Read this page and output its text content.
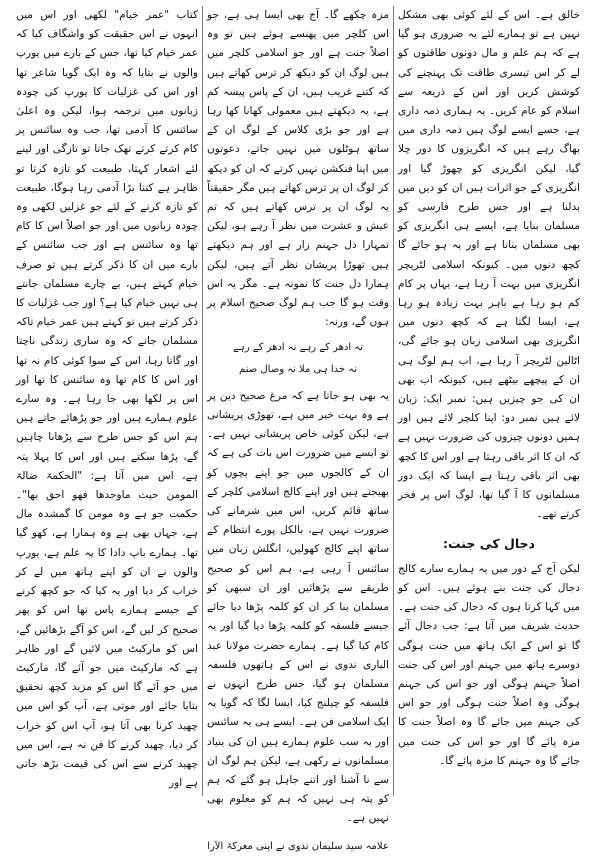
خالق ہے۔ اس کے لئے کوئی بھی مشکل نہیں ہے تو ہمارے لئے یہ ضروری ہو گیا ہے کہ ہم علم و مال دونوں طاقتوں کو لے کر اس تیسری طاقت تک پہنچنے کی کوشش کریں اور اس کے ذریعہ سے اسلام کو عام کریں۔ یہ ہماری ذمہ داری ہے، جسے ایسے لوگ ہیں ذمہ داری میں بھاگ رہے ہیں کہ انگریزوں کا دور چلا گیا، لیکن انگریزی کو چھوڑ گیا اور انگریزی کے جو اثرات ہیں ان کو دیں میں بدلنا ہے اور جس طرح فارسی کو مسلمان بنایا ہے، ایسے ہی انگریزی کو بھی مسلمان بنانا ہے اور یہ ہو جائے گا کچھ دنوں میں۔ کیونکہ اسلامی لٹریچر انگریزی میں بہت آ رہا ہے، یہاں پر کام کم ہو رہا ہے باہر بہت زیادہ ہو رہا ہے، ایسا لگتا ہے کہ کچھ دنوں میں انگریزی بھی اسلامی زبان ہو جائے گی، اٹالین لٹریچر آ رہا ہے، اب ہم لوگ ہی ان کے پیچھے بیٹھے ہیں، کیونکہ اب بھی ان کی جو چیزیں ہیں: نمبر ایک: زبان لائے ہیں نمبر دو: اپنا کلچر لائے ہیں اور ہمیں دونوں چیزوں کی ضرورت نہیں ہے کہ ان کا اثر باقی رہتا ہے اور اس کا کچھ بھی اثر باقی رہتا ہے ایسا کہ ایک دور مسلمانوں کا آ گیا تھا، لوگ اس پر فخر کرتے تھے۔

دجال کی جنت:

لیکن آج کے دور میں یہ ہمارے سارے کالج دجال کی جنت بنے ہوئے ہیں۔ اس کو میں کہا کرتا ہوں کہ دجال کی جنت ہے۔ حدیث شریف میں آتا ہے: جب دجال آئے گا تو اس کے ایک ہاتھ میں جنت ہوگی دوسرے ہاتھ میں جہنم اور اس کی جنت اصلاً جہنم ہوگی اور جو اس کی جہنم ہوگی وہ اصلاً جنت ہوگی اور جو اس کی جہنم میں جائے گا وہ اصلاً جنت کا مزہ پائے گا اور جو اس کی جنت میں جائے گا وہ جہنم کا مزہ پائے گا۔

مزہ چکھے گا۔ آج بھی ایسا ہی ہے، جو اس کلچر میں پھنسے ہوئے ہیں تو وہ اصلاً جنت ہے اور جو اسلامی کلچر میں ہیں لوگ ان کو دیکھ کر ترس کھاتے ہیں کہ کتنے غریب ہیں، ان کے پاس پیسہ کم ہے، یہ دیکھتے ہیں معمولی کھانا کھا رہا ہے اور جو بڑی کلاس کے لوگ ان کے ساتھ ہوٹلوں میں نہیں جاتے، دعوتوں میں اپنا فنکشن نہیں کرتے کہ ان کو دیکھ کر لوگ ان پر ترس کھاتے ہیں مگر حقیقتاً یہ لوگ ان پر ترس کھاتے ہیں کہ تم عیش و عشرت میں نظر آ رہے ہو، لیکن تمہارا دل جہنم زار ہے اور ہم دیکھتے ہیں تھوڑا پریشان نظر آتے ہیں، لیکن ہمارا دل جنت کا نمونہ ہے۔ مگر یہ اس وقت ہو گا جب ہم لوگ صحیح اسلام پر ہوں گے، ورنہ:

نہ ادھر کے رہے نہ ادھر کے رہے
نہ خدا ہی ملا نہ وصال صنم

یہ بھی ہو جاتا ہے کہ مرغ صحیح دین پر ہے وہ بہت خیر میں ہے، تھوڑی پریشانی ہے، لیکن کوئی خاص پریشانی نہیں ہے۔ تو ایسے میں ضرورت اس بات کی ہے کہ ان کے کالجوں میں جو اپنے بچوں کو بھیجتے ہیں اور اپنے کالج اسلامی کلچر کے ساتھ قائم کریں، اس میں شرمانے کی ضرورت نہیں ہے، بالکل پورے انتظام کے ساتھ اپنے کالج کھولیں، انگلش زبان میں سائنس آ رہی ہے، ہم اس کو صحیح طریقے سے پڑھائیں اور ان سبھی کو مسلمان بنا کر ان کو کلمہ پڑھا دیا جائے جیسے فلسفہ کو کلمہ پڑھا دیا گیا اور یہ کام کیا گیا ہے۔ ہمارے حضرت مولانا عبد الباری ندوی نے اس کے ہاتھوں فلسفہ مسلمان ہو گیا، جس طرح انہوں نے فلسفہ کو چیلنج کیا، ایسا لگا کہ گویا یہ ایک اسلامی فن ہے۔ ایسے ہی یہ سائنس اور یہ سب علوم ہمارے ہیں ان کی بنیاد مسلمانوں نے رکھی ہے، لیکن ہم لوگ ان سے نا آشنا اور اتنے جاہل ہو گئے کہ ہم کو پتہ ہی نہیں کہ ہم کو معلوم بھی نہیں ہے۔

علامہ سید سلیمان ندوی نے اپنی معرکۃ الآرا

کتاب "عمر خیام" لکھی اور اس میں انہوں نے اس حقیقت کو واشگاف کیا کہ عمر خیام کیا تھا، جس کے بارے میں یورپ والوں نے بتایا کہ وہ ایک گویا شاعر تھا اور اس کی غزلیات کا یورپ کی چودہ زبانوں میں ترجمہ ہوا، لیکن وہ اعلیٰ سائنس کا آدمی تھا، جب وہ سائنس پر کام کرتے کرتے تھک جاتا تو تازگی اور لینے لئے اشعار کہتا، طبیعت کو تازہ کرتا تو ظاہر ہے کتنا بڑا آدمی رہا ہوگا، طبیعت کو تازہ کرنے کے لئے جو غزلیں لکھی وہ چودہ زبانوں میں اور جو اصلاً اس کا کام تھا وہ سائنس ہے اور جب سائنس کے بارے میں ان کا ذکر کرتے ہیں تو صرف خیام کہتے ہیں، بے چارے مسلمان جانتے ہی نہیں خیام کیا ہے؟ اور جب غزلیات کا ذکر کرتے ہیں تو کہتے ہیں عمر خیام تاکہ مسلمان جانے کہ وہ ساری زندگی ناچتا اور گاتا رہا، اس کے سوا کوئی کام نہ تھا اور اس کا کام تھا وہ سائنس کا تھا اور اس پر لکھا بھی جا رہا ہے۔ وہ سارے علوم ہمارے ہیں اور جو پڑھائے جاتے ہیں ہم اس کو جس طرح سے پڑھانا چاہیں گے، پڑھا سکتے ہیں اور اس کا پہلا پتہ ہے، اس میں آتا ہے: "الحکمۃ ضالۃ المومن حیث ماوجدھا فھو احق بھا"۔ حکمت جو ہے وہ مومن کا گمشدہ مال ہے، جہاں بھی ہے وہ ہمارا ہے، کھو گیا تھا۔ ہمارے باپ دادا کا یہ علم ہے، یورپ والوں نے ان کو اپنے ہاتھ میں لے کر خراب کر دیا اور یہ کیا کہ جو کچھ کرنے کے جیسے ہمارے پاس تھا اس کو پھر صحیح کر لیں گے، اس کو آگے بڑھائیں گے، اس کو مارکیٹ میں لائیں گے اور ظاہر ہے کہ مارکیٹ میں جو آئے گا، مارکیٹ میں جو آئے گا اس کو مزید کچھ تحقیق بتایا جائے اور موتی ہے، آپ کو اس میں چھید کرنا بھی آتا ہو، آپ اس کو خراب کر دیا، چھید کرنے کا فن نہ ہے، اس میں چھید کرنے سے اس کی قیمت بڑھ جاتی ہے اور
